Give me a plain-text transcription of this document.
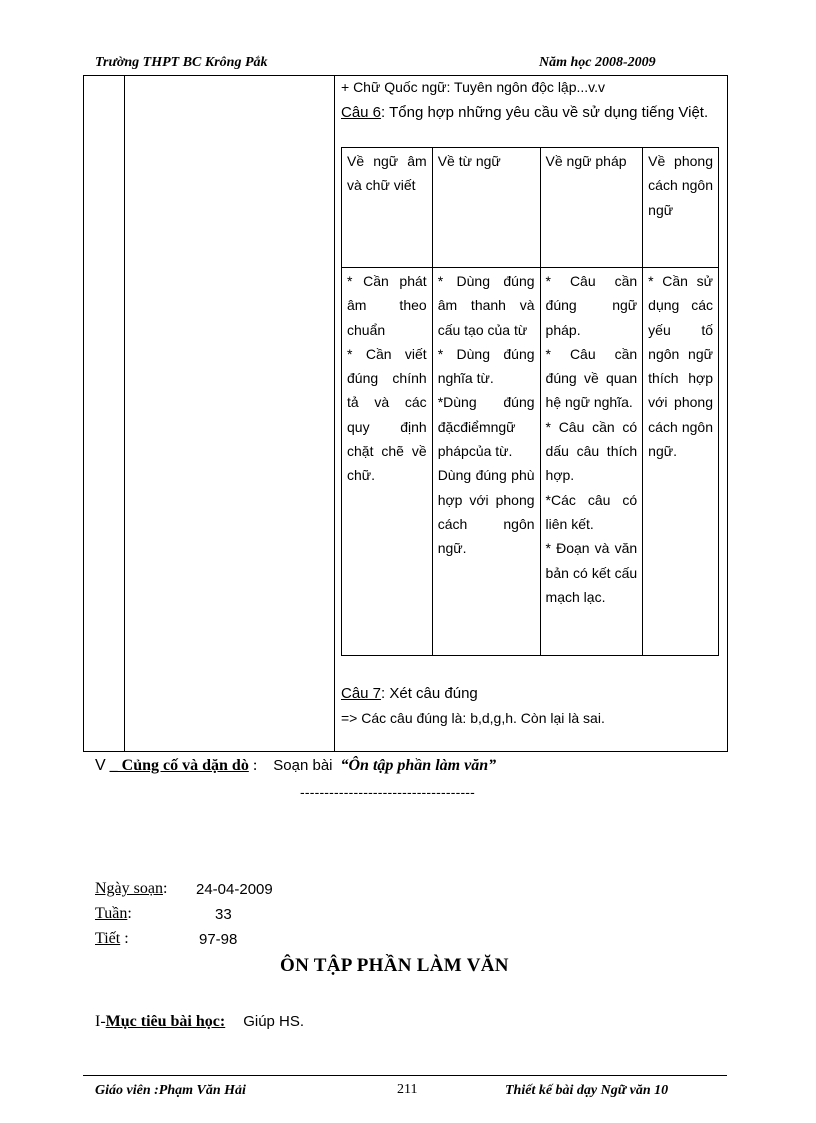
Trường THPT BC Krông Pắk	Năm học 2008-2009
+ Chữ Quốc ngữ: Tuyên ngôn độc lập...v.v
Câu 6: Tổng hợp những yêu cầu về sử dụng tiếng Việt.
Về ngữ âm và chữ viết	Về từ ngữ	Về ngữ pháp	Về phong cách ngôn ngữ
* Cần phát âm theo chuẩn
* Cần viết đúng chính tả và các quy định chặt chẽ về chữ.	* Dùng đúng âm thanh và cấu tạo của từ
* Dùng đúng nghĩa từ.
*Dùng đúng đặcđiểmngữ phápcủa từ.
Dùng đúng phù hợp với phong cách ngôn ngữ.	* Câu cần đúng ngữ pháp.
* Câu cần đúng về quan hệ ngữ nghĩa.
* Câu cần có dấu câu thích hợp.
*Các câu có liên kết.
* Đoạn và văn bản có kết cấu mạch lạc.	* Cần sử dụng các yếu tố ngôn ngữ thích hợp với phong cách ngôn ngữ.
Câu 7: Xét câu đúng
=> Các câu đúng là: b,d,g,h. Còn lại là sai.
V _ Củng cố và dặn dò : Soạn bài “Ôn tập phần làm văn”
------------------------------------
Ngày soạn: 24-04-2009
Tuần:	33
Tiết :	97-98
ÔN TẬP PHẦN LÀM VĂN
I-Mục tiêu bài học: Giúp HS.
Giáo viên :Phạm Văn Hải	211	Thiết kế bài dạy Ngữ văn 10
